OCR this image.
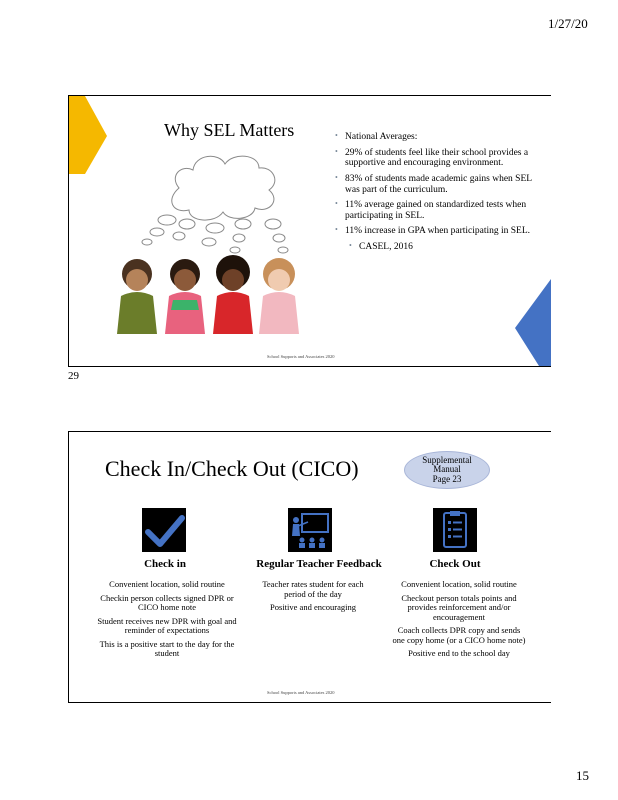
1/27/20
Why SEL Matters	• National Averages:
• 29% of students feel like their school provides a supportive and encouraging environment.
• 83% of students made academic gains when SEL was part of the curriculum.
• 11% average gained on standardized tests when participating in SEL.
• 11% increase in GPA when participating in SEL.
• CASEL, 2016
School Supports and Associates 2020
29
Check In/Check Out (CICO)	Supplemental
Manual
Page 23
Check in
Convenient location, solid routine
Checkin person collects signed DPR or CICO home note
Student receives new DPR with goal and reminder of expectations
This is a positive start to the day for the student
Regular Teacher Feedback
Teacher rates student for each period of the day
Positive and encouraging
Check Out
Convenient location, solid routine
Checkout person totals points and provides reinforcement and/or encouragement
Coach collects DPR copy and sends one copy home (or a CICO home note)
Positive end to the school day
School Supports and Associates 2020
15
